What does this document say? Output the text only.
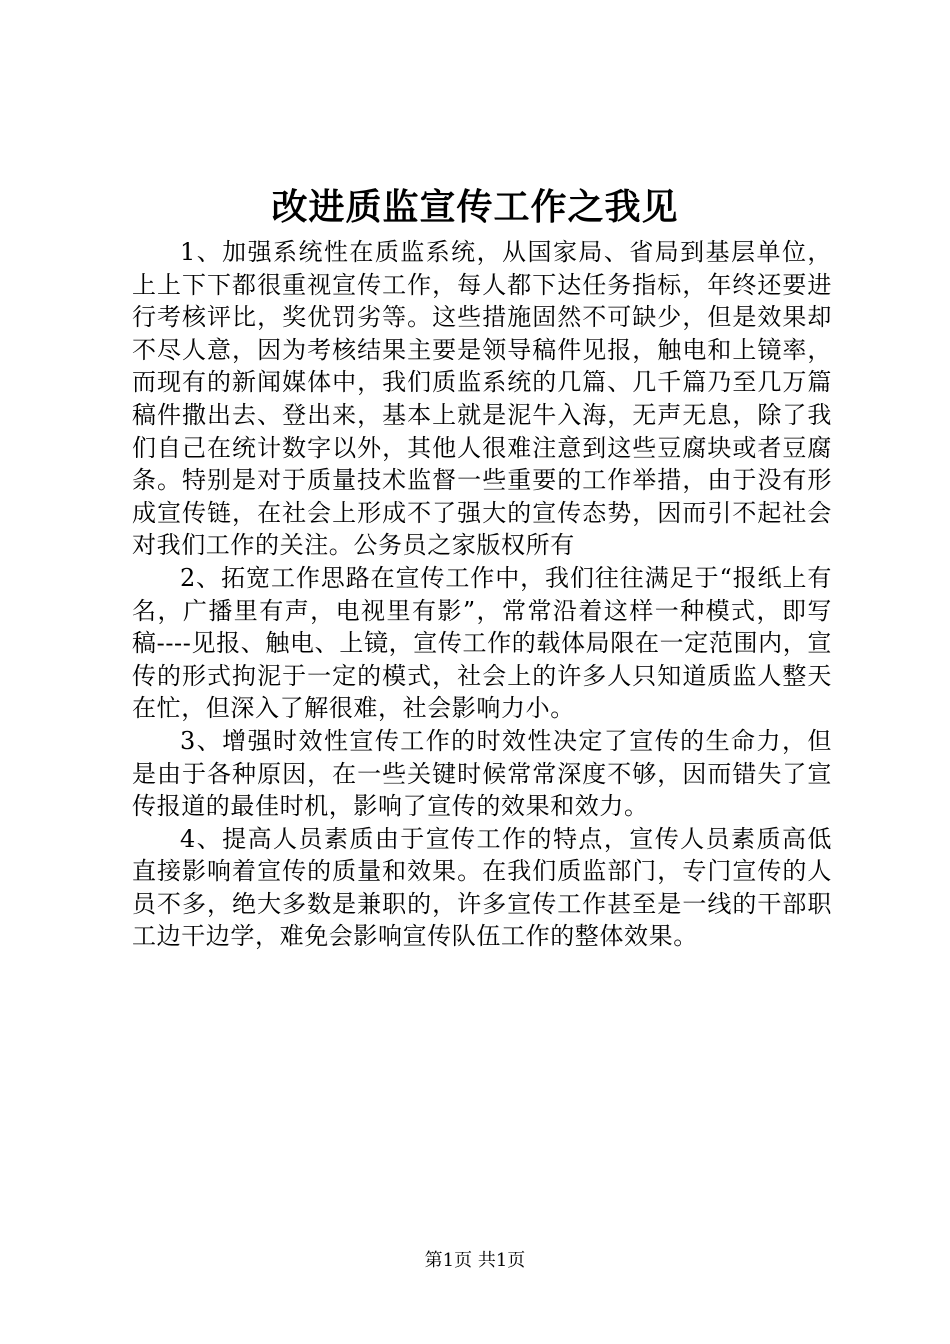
改进质监宣传工作之我见

1、加强系统性在质监系统，从国家局、省局到基层单位，上上下下都很重视宣传工作，每人都下达任务指标，年终还要进行考核评比，奖优罚劣等。这些措施固然不可缺少，但是效果却不尽人意，因为考核结果主要是领导稿件见报，触电和上镜率，而现有的新闻媒体中，我们质监系统的几篇、几千篇乃至几万篇稿件撒出去、登出来，基本上就是泥牛入海，无声无息，除了我们自己在统计数字以外，其他人很难注意到这些豆腐块或者豆腐条。特别是对于质量技术监督一些重要的工作举措，由于没有形成宣传链，在社会上形成不了强大的宣传态势，因而引不起社会对我们工作的关注。公务员之家版权所有

2、拓宽工作思路在宣传工作中，我们往往满足于“报纸上有名，广播里有声，电视里有影”，常常沿着这样一种模式，即写稿----见报、触电、上镜，宣传工作的载体局限在一定范围内，宣传的形式拘泥于一定的模式，社会上的许多人只知道质监人整天在忙，但深入了解很难，社会影响力小。

3、增强时效性宣传工作的时效性决定了宣传的生命力，但是由于各种原因，在一些关键时候常常深度不够，因而错失了宣传报道的最佳时机，影响了宣传的效果和效力。

4、提高人员素质由于宣传工作的特点，宣传人员素质高低直接影响着宣传的质量和效果。在我们质监部门，专门宣传的人员不多，绝大多数是兼职的，许多宣传工作甚至是一线的干部职工边干边学，难免会影响宣传队伍工作的整体效果。

第1页 共1页
